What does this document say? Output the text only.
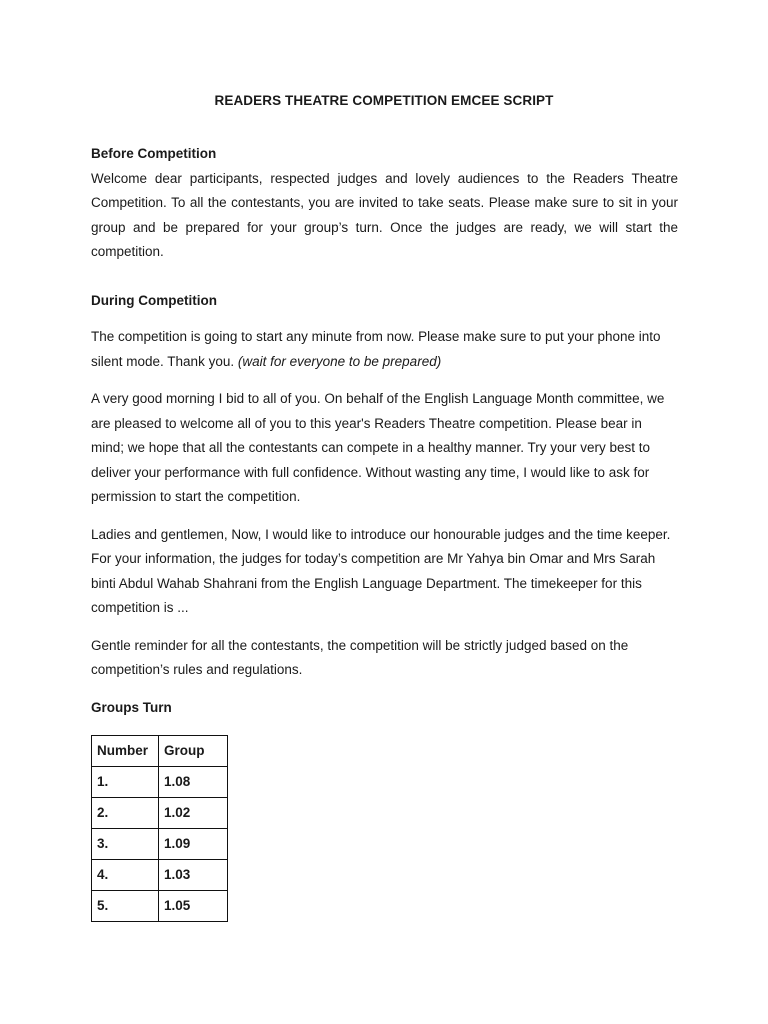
READERS THEATRE COMPETITION EMCEE SCRIPT

Before Competition

Welcome dear participants, respected judges and lovely audiences to the Readers Theatre Competition. To all the contestants, you are invited to take seats. Please make sure to sit in your group and be prepared for your group’s turn. Once the judges are ready, we will start the competition.

During Competition

The competition is going to start any minute from now. Please make sure to put your phone into silent mode. Thank you. (wait for everyone to be prepared)

A very good morning I bid to all of you. On behalf of the English Language Month committee, we are pleased to welcome all of you to this year's Readers Theatre competition. Please bear in mind; we hope that all the contestants can compete in a healthy manner. Try your very best to deliver your performance with full confidence. Without wasting any time, I would like to ask for permission to start the competition.

Ladies and gentlemen, Now, I would like to introduce our honourable judges and the time keeper. For your information, the judges for today’s competition are Mr Yahya bin Omar and Mrs Sarah binti Abdul Wahab Shahrani from the English Language Department. The timekeeper for this competition is ...

Gentle reminder for all the contestants, the competition will be strictly judged based on the competition’s rules and regulations.

Groups Turn

Number	Group
1.	1.08
2.	1.02
3.	1.09
4.	1.03
5.	1.05
